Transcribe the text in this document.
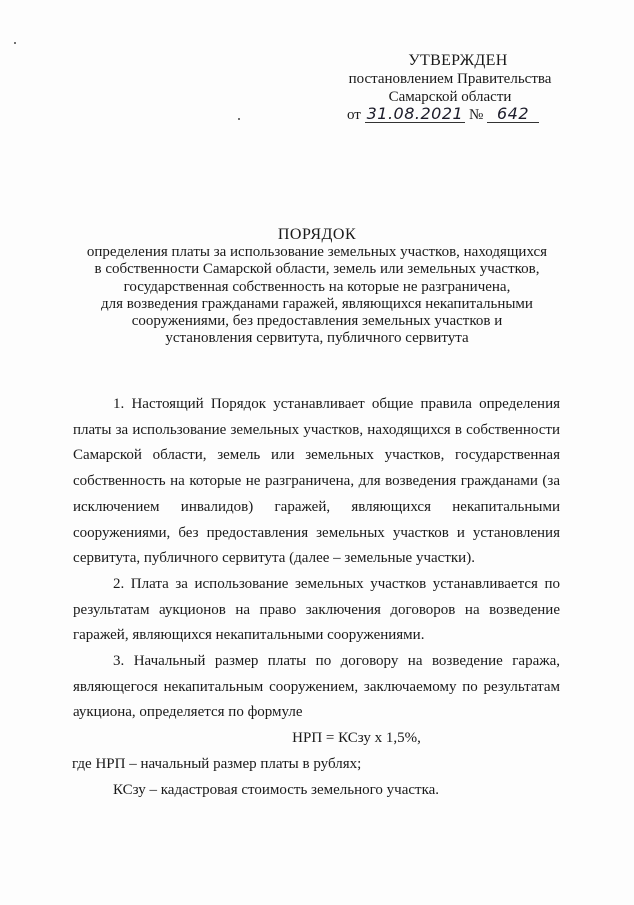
УТВЕРЖДЕН
постановлением Правительства
Самарской области
от 31.08.2021 № 642
ПОРЯДОК
определения платы за использование земельных участков, находящихся
в собственности Самарской области, земель или земельных участков,
государственная собственность на которые не разграничена,
для возведения гражданами гаражей, являющихся некапитальными
сооружениями, без предоставления земельных участков и
установления сервитута, публичного сервитута

1. Настоящий Порядок устанавливает общие правила определения платы за использование земельных участков, находящихся в собственности Самарской области, земель или земельных участков, государственная собственность на которые не разграничена, для возведения гражданами (за исключением инвалидов) гаражей, являющихся некапитальными сооружениями, без предоставления земельных участков и установления сервитута, публичного сервитута (далее – земельные участки).

2. Плата за использование земельных участков устанавливается по результатам аукционов на право заключения договоров на возведение гаражей, являющихся некапитальными сооружениями.

3. Начальный размер платы по договору на возведение гаража, являющегося некапитальным сооружением, заключаемому по результатам аукциона, определяется по формуле

НРП = КСзу х 1,5%,

где НРП – начальный размер платы в рублях;

КСзу – кадастровая стоимость земельного участка.
